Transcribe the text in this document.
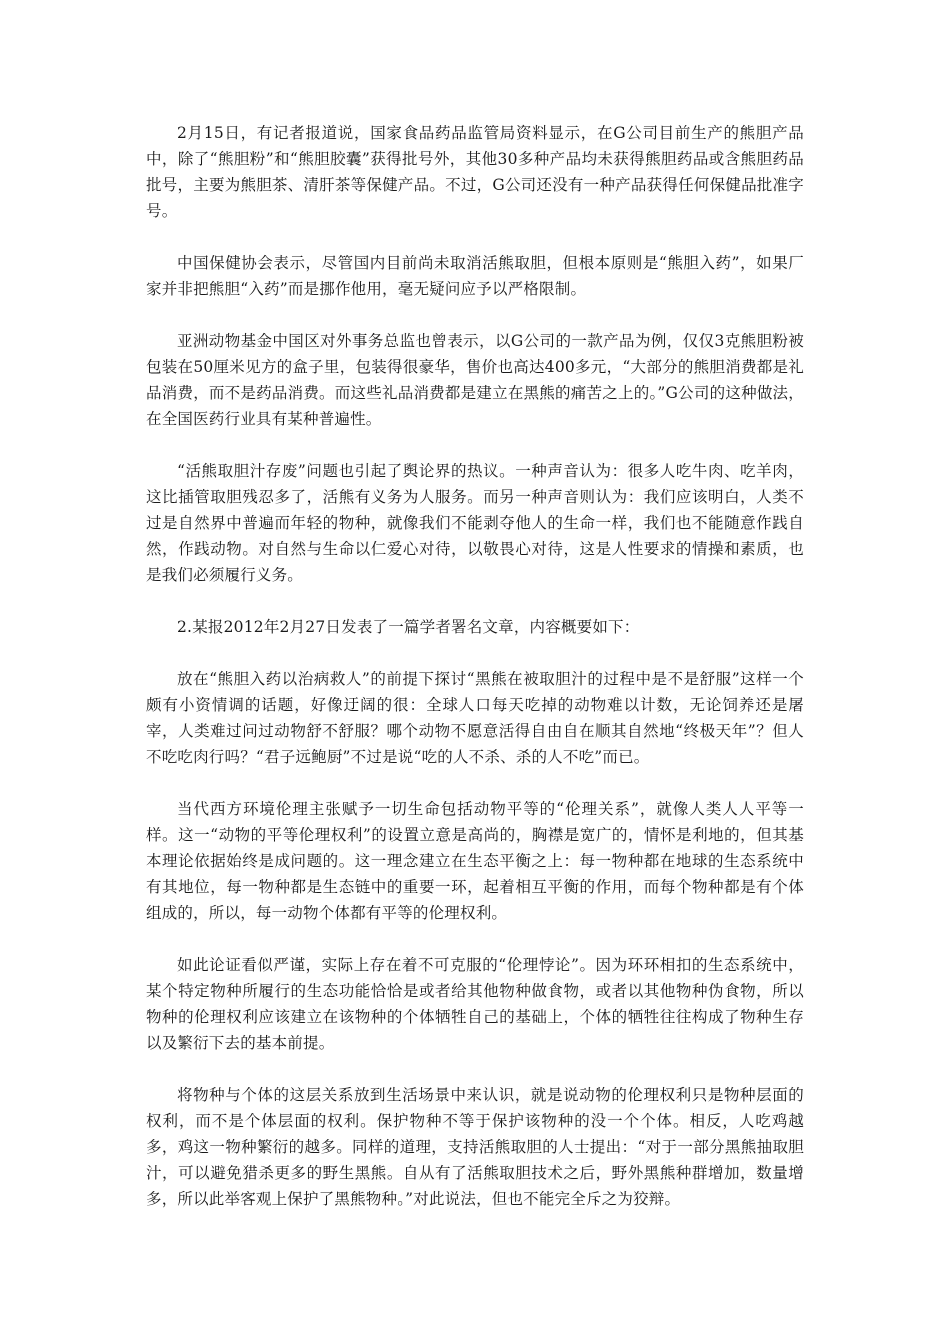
2月15日，有记者报道说，国家食品药品监管局资料显示，在G公司目前生产的熊胆产品中，除了“熊胆粉”和“熊胆胶囊”获得批号外，其他30多种产品均未获得熊胆药品或含熊胆药品批号，主要为熊胆茶、清肝茶等保健产品。不过，G公司还没有一种产品获得任何保健品批准字号。

中国保健协会表示，尽管国内目前尚未取消活熊取胆，但根本原则是“熊胆入药”，如果厂家并非把熊胆“入药”而是挪作他用，毫无疑问应予以严格限制。

亚洲动物基金中国区对外事务总监也曾表示，以G公司的一款产品为例，仅仅3克熊胆粉被包装在50厘米见方的盒子里，包装得很豪华，售价也高达400多元，“大部分的熊胆消费都是礼品消费，而不是药品消费。而这些礼品消费都是建立在黑熊的痛苦之上的。”G公司的这种做法，在全国医药行业具有某种普遍性。

“活熊取胆汁存废”问题也引起了舆论界的热议。一种声音认为：很多人吃牛肉、吃羊肉，这比插管取胆残忍多了，活熊有义务为人服务。而另一种声音则认为：我们应该明白，人类不过是自然界中普遍而年轻的物种，就像我们不能剥夺他人的生命一样，我们也不能随意作践自然，作践动物。对自然与生命以仁爱心对待，以敬畏心对待，这是人性要求的情操和素质，也是我们必须履行义务。

2.某报2012年2月27日发表了一篇学者署名文章，内容概要如下：

放在“熊胆入药以治病救人”的前提下探讨“黑熊在被取胆汁的过程中是不是舒服”这样一个颇有小资情调的话题，好像迂阔的很：全球人口每天吃掉的动物难以计数，无论饲养还是屠宰，人类难过问过动物舒不舒服？哪个动物不愿意活得自由自在顺其自然地“终极天年”？但人不吃吃肉行吗？“君子远鲍厨”不过是说“吃的人不杀、杀的人不吃”而已。

当代西方环境伦理主张赋予一切生命包括动物平等的“伦理关系”，就像人类人人平等一样。这一“动物的平等伦理权利”的设置立意是高尚的，胸襟是宽广的，情怀是利地的，但其基本理论依据始终是成问题的。这一理念建立在生态平衡之上：每一物种都在地球的生态系统中有其地位，每一物种都是生态链中的重要一环，起着相互平衡的作用，而每个物种都是有个体组成的，所以，每一动物个体都有平等的伦理权利。

如此论证看似严谨，实际上存在着不可克服的“伦理悖论”。因为环环相扣的生态系统中，某个特定物种所履行的生态功能恰恰是或者给其他物种做食物，或者以其他物种伪食物，所以物种的伦理权利应该建立在该物种的个体牺牲自己的基础上，个体的牺牲往往构成了物种生存以及繁衍下去的基本前提。

将物种与个体的这层关系放到生活场景中来认识，就是说动物的伦理权利只是物种层面的权利，而不是个体层面的权利。保护物种不等于保护该物种的没一个个体。相反，人吃鸡越多，鸡这一物种繁衍的越多。同样的道理，支持活熊取胆的人士提出：“对于一部分黑熊抽取胆汁，可以避免猎杀更多的野生黑熊。自从有了活熊取胆技术之后，野外黑熊种群增加，数量增多，所以此举客观上保护了黑熊物种。”对此说法，但也不能完全斥之为狡辩。
